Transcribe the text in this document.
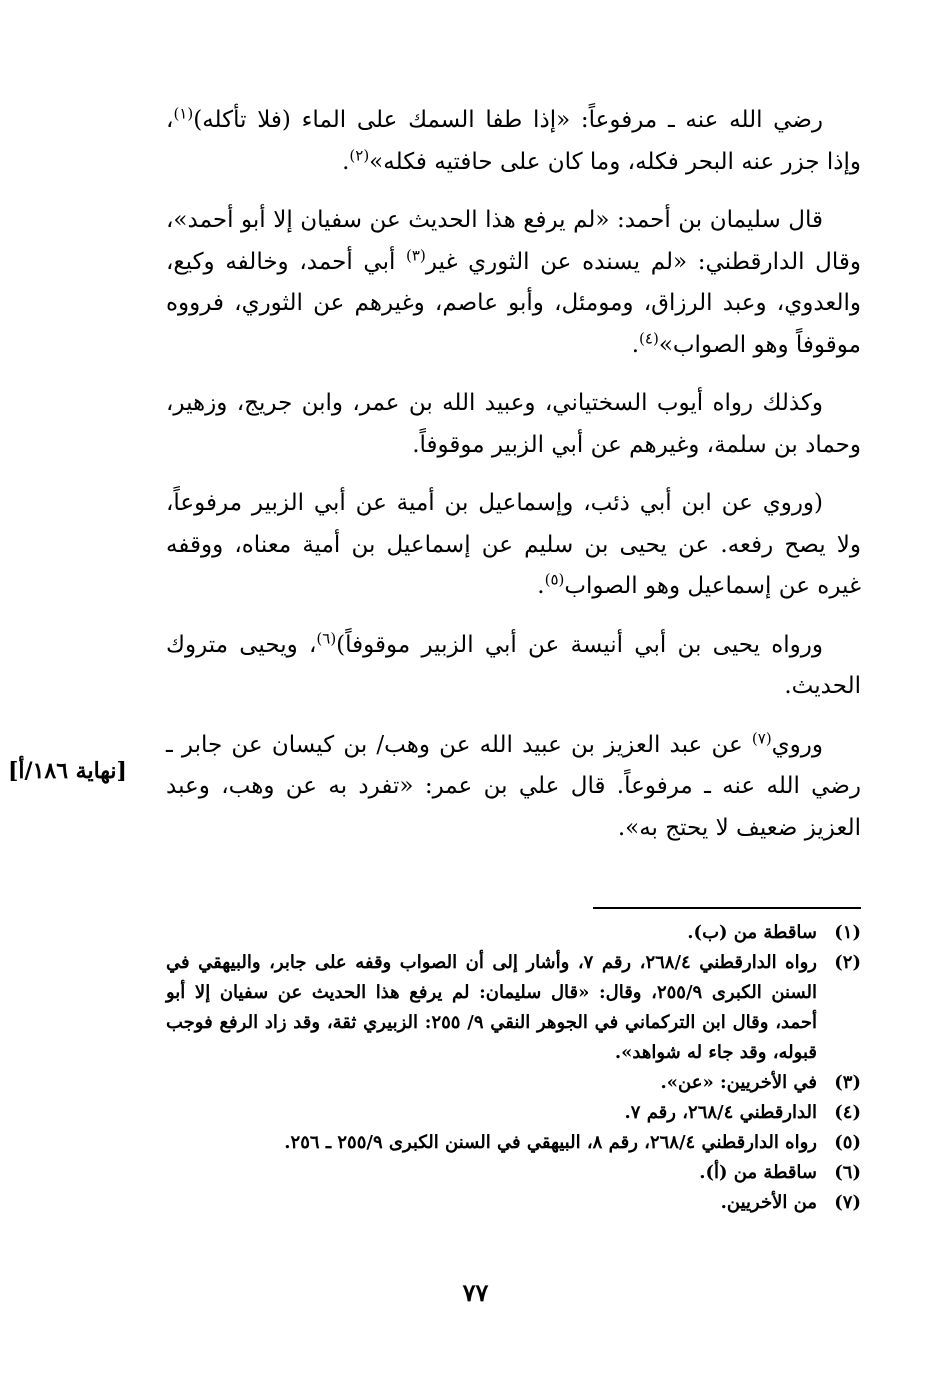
رضي الله عنه ـ مرفوعاً: «إذا طفا السمك على الماء (فلا تأكله)$^{(١)}$، وإذا جزر عنه البحر فكله، وما كان على حافتيه فكله»$^{(٢)}$.

قال سليمان بن أحمد: «لم يرفع هذا الحديث عن سفيان إلا أبو أحمد»، وقال الدارقطني: «لم يسنده عن الثوري غير$^{(٣)}$ أبي أحمد، وخالفه وكيع، والعدوي، وعبد الرزاق، ومومئل، وأبو عاصم، وغيرهم عن الثوري، فرووه موقوفاً وهو الصواب»$^{(٤)}$.

وكذلك رواه أيوب السختياني، وعبيد الله بن عمر، وابن جريج، وزهير، وحماد بن سلمة، وغيرهم عن أبي الزبير موقوفاً.

(وروي عن ابن أبي ذئب، وإسماعيل بن أمية عن أبي الزبير مرفوعاً، ولا يصح رفعه. عن يحيى بن سليم عن إسماعيل بن أمية معناه، ووقفه غيره عن إسماعيل وهو الصواب$^{(٥)}$.

ورواه يحيى بن أبي أنيسة عن أبي الزبير موقوفاً)$^{(٦)}$، ويحيى متروك الحديث.

وروي$^{(٧)}$ عن عبد العزيز بن عبيد الله عن وهب/ بن كيسان عن جابر ـ رضي الله عنه ـ مرفوعاً. قال علي بن عمر: «تفرد به عن وهب، وعبد العزيز ضعيف لا يحتج به».

[نهاية ١٨٦/أ]
(١)
ساقطة من (ب).
(٢)
رواه الدارقطني ٢٦٨/٤، رقم ٧، وأشار إلى أن الصواب وقفه على جابر، والبيهقي في السنن الكبرى ٢٥٥/٩، وقال: «قال سليمان: لم يرفع هذا الحديث عن سفيان إلا أبو أحمد، وقال ابن التركماني في الجوهر النقي ٩/ ٢٥٥: الزبيري ثقة، وقد زاد الرفع فوجب قبوله، وقد جاء له شواهد».
(٣)
في الأخريين: «عن».
(٤)
الدارقطني ٢٦٨/٤، رقم ٧.
(٥)
رواه الدارقطني ٢٦٨/٤، رقم ٨، البيهقي في السنن الكبرى ٢٥٥/٩ ـ ٢٥٦.
(٦)
ساقطة من (أ).
(٧)
من الأخريين.
٧٧
